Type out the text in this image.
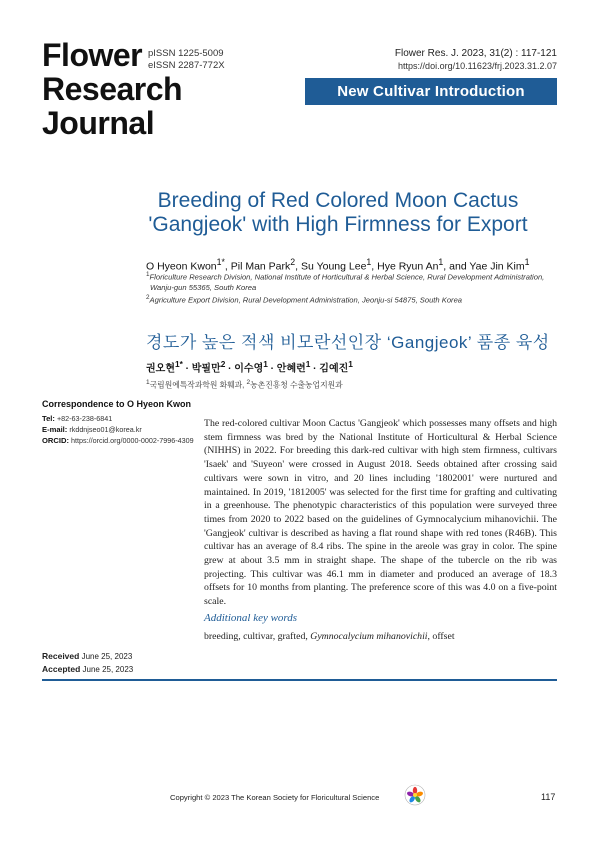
Flower
Research
Journal
pISSN 1225-5009
eISSN 2287-772X
Flower Res. J. 2023, 31(2) : 117-121
https://doi.org/10.11623/frj.2023.31.2.07
New Cultivar Introduction
Breeding of Red Colored Moon Cactus
'Gangjeok' with High Firmness for Export
O Hyeon Kwon$^{1*}$, Pil Man Park$^2$, Su Young Lee$^1$, Hye Ryun An$^1$, and Yae Jin Kim$^1$
$^1$Floriculture Research Division, National Institute of Horticultural & Herbal Science, Rural Development Administration,
Wanju-gun 55365, South Korea
$^2$Agriculture Export Division, Rural Development Administration, Jeonju-si 54875, South Korea
경도가 높은 적색 비모란선인장 ‘Gangjeok’ 품종 육성
권오현$^{1*}$ · 박필만$^2$ · 이수영$^1$ · 안혜련$^1$ · 김예진$^1$
$^1$국립원예특작과학원 화훼과, $^2$농촌진흥청 수출농업지원과
Correspondence to O Hyeon Kwon
Tel: +82-63-238-6841
E-mail: rkddnjseo01@korea.kr
ORCID: https://orcid.org/0000-0002-7996-4309

The red-colored cultivar Moon Cactus 'Gangjeok' which possesses many offsets and high stem firmness was bred by the National Institute of Horticultural & Herbal Science (NIHHS) in 2022. For breeding this dark-red cultivar with high stem firmness, cultivars 'Isaek' and 'Suyeon' were crossed in August 2018. Seeds obtained after crossing said cultivars were sown in vitro, and 20 lines including '1802001' were nurtured and maintained. In 2019, '1812005' was selected for the first time for grafting and cultivating in a greenhouse. The phenotypic characteristics of this population were surveyed three times from 2020 to 2022 based on the guidelines of Gymnocalycium mihanovichii. The 'Gangjeok' cultivar is described as having a flat round shape with red tones (R46B). This cultivar has an average of 8.4 ribs. The spine in the areole was gray in color. The spine grew at about 3.5 mm in straight shape. The shape of the tubercle on the rib was projecting. This cultivar was 46.1 mm in diameter and produced an average of 18.3 offsets for 10 months from planting. The preference score of this was 4.0 on a five-point scale.

Additional key words
breeding, cultivar, grafted, Gymnocalycium mihanovichii, offset
Received June 25, 2023
Accepted June 25, 2023
Copyright © 2023 The Korean Society for Floricultural Science	117
